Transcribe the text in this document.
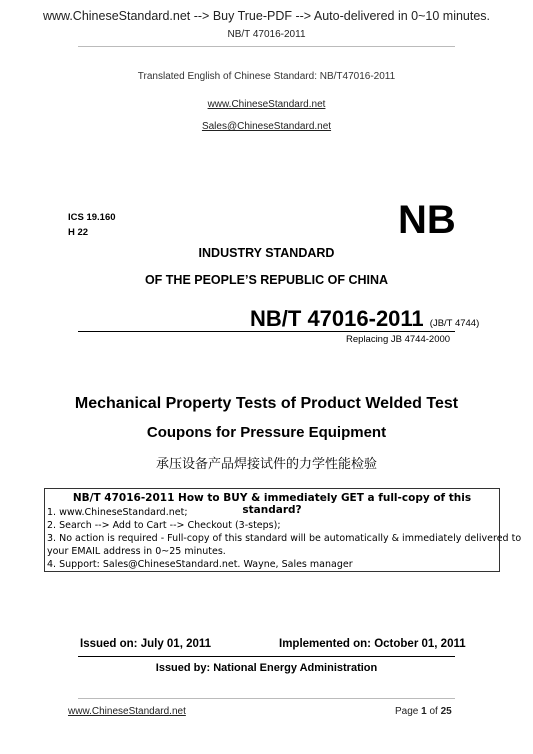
www.ChineseStandard.net --> Buy True-PDF --> Auto-delivered in 0~10 minutes.
NB/T 47016-2011
Translated English of Chinese Standard: NB/T47016-2011
www.ChineseStandard.net
Sales@ChineseStandard.net
ICS 19.160
H 22	NB
INDUSTRY STANDARD
OF THE PEOPLE’S REPUBLIC OF CHINA
NB/T 47016-2011 (JB/T 4744)
Replacing JB 4744-2000
Mechanical Property Tests of Product Welded Test
Coupons for Pressure Equipment
承压设备产品焊接试件的力学性能检验
NB/T 47016-2011 How to BUY & immediately GET a full-copy of this standard?
1. www.ChineseStandard.net;
2. Search --> Add to Cart --> Checkout (3-steps);
3. No action is required - Full-copy of this standard will be automatically & immediately delivered to
your EMAIL address in 0~25 minutes.
4. Support: Sales@ChineseStandard.net. Wayne, Sales manager
Issued on: July 01, 2011	Implemented on: October 01, 2011
Issued by: National Energy Administration
www.ChineseStandard.net	Page 1 of 25
